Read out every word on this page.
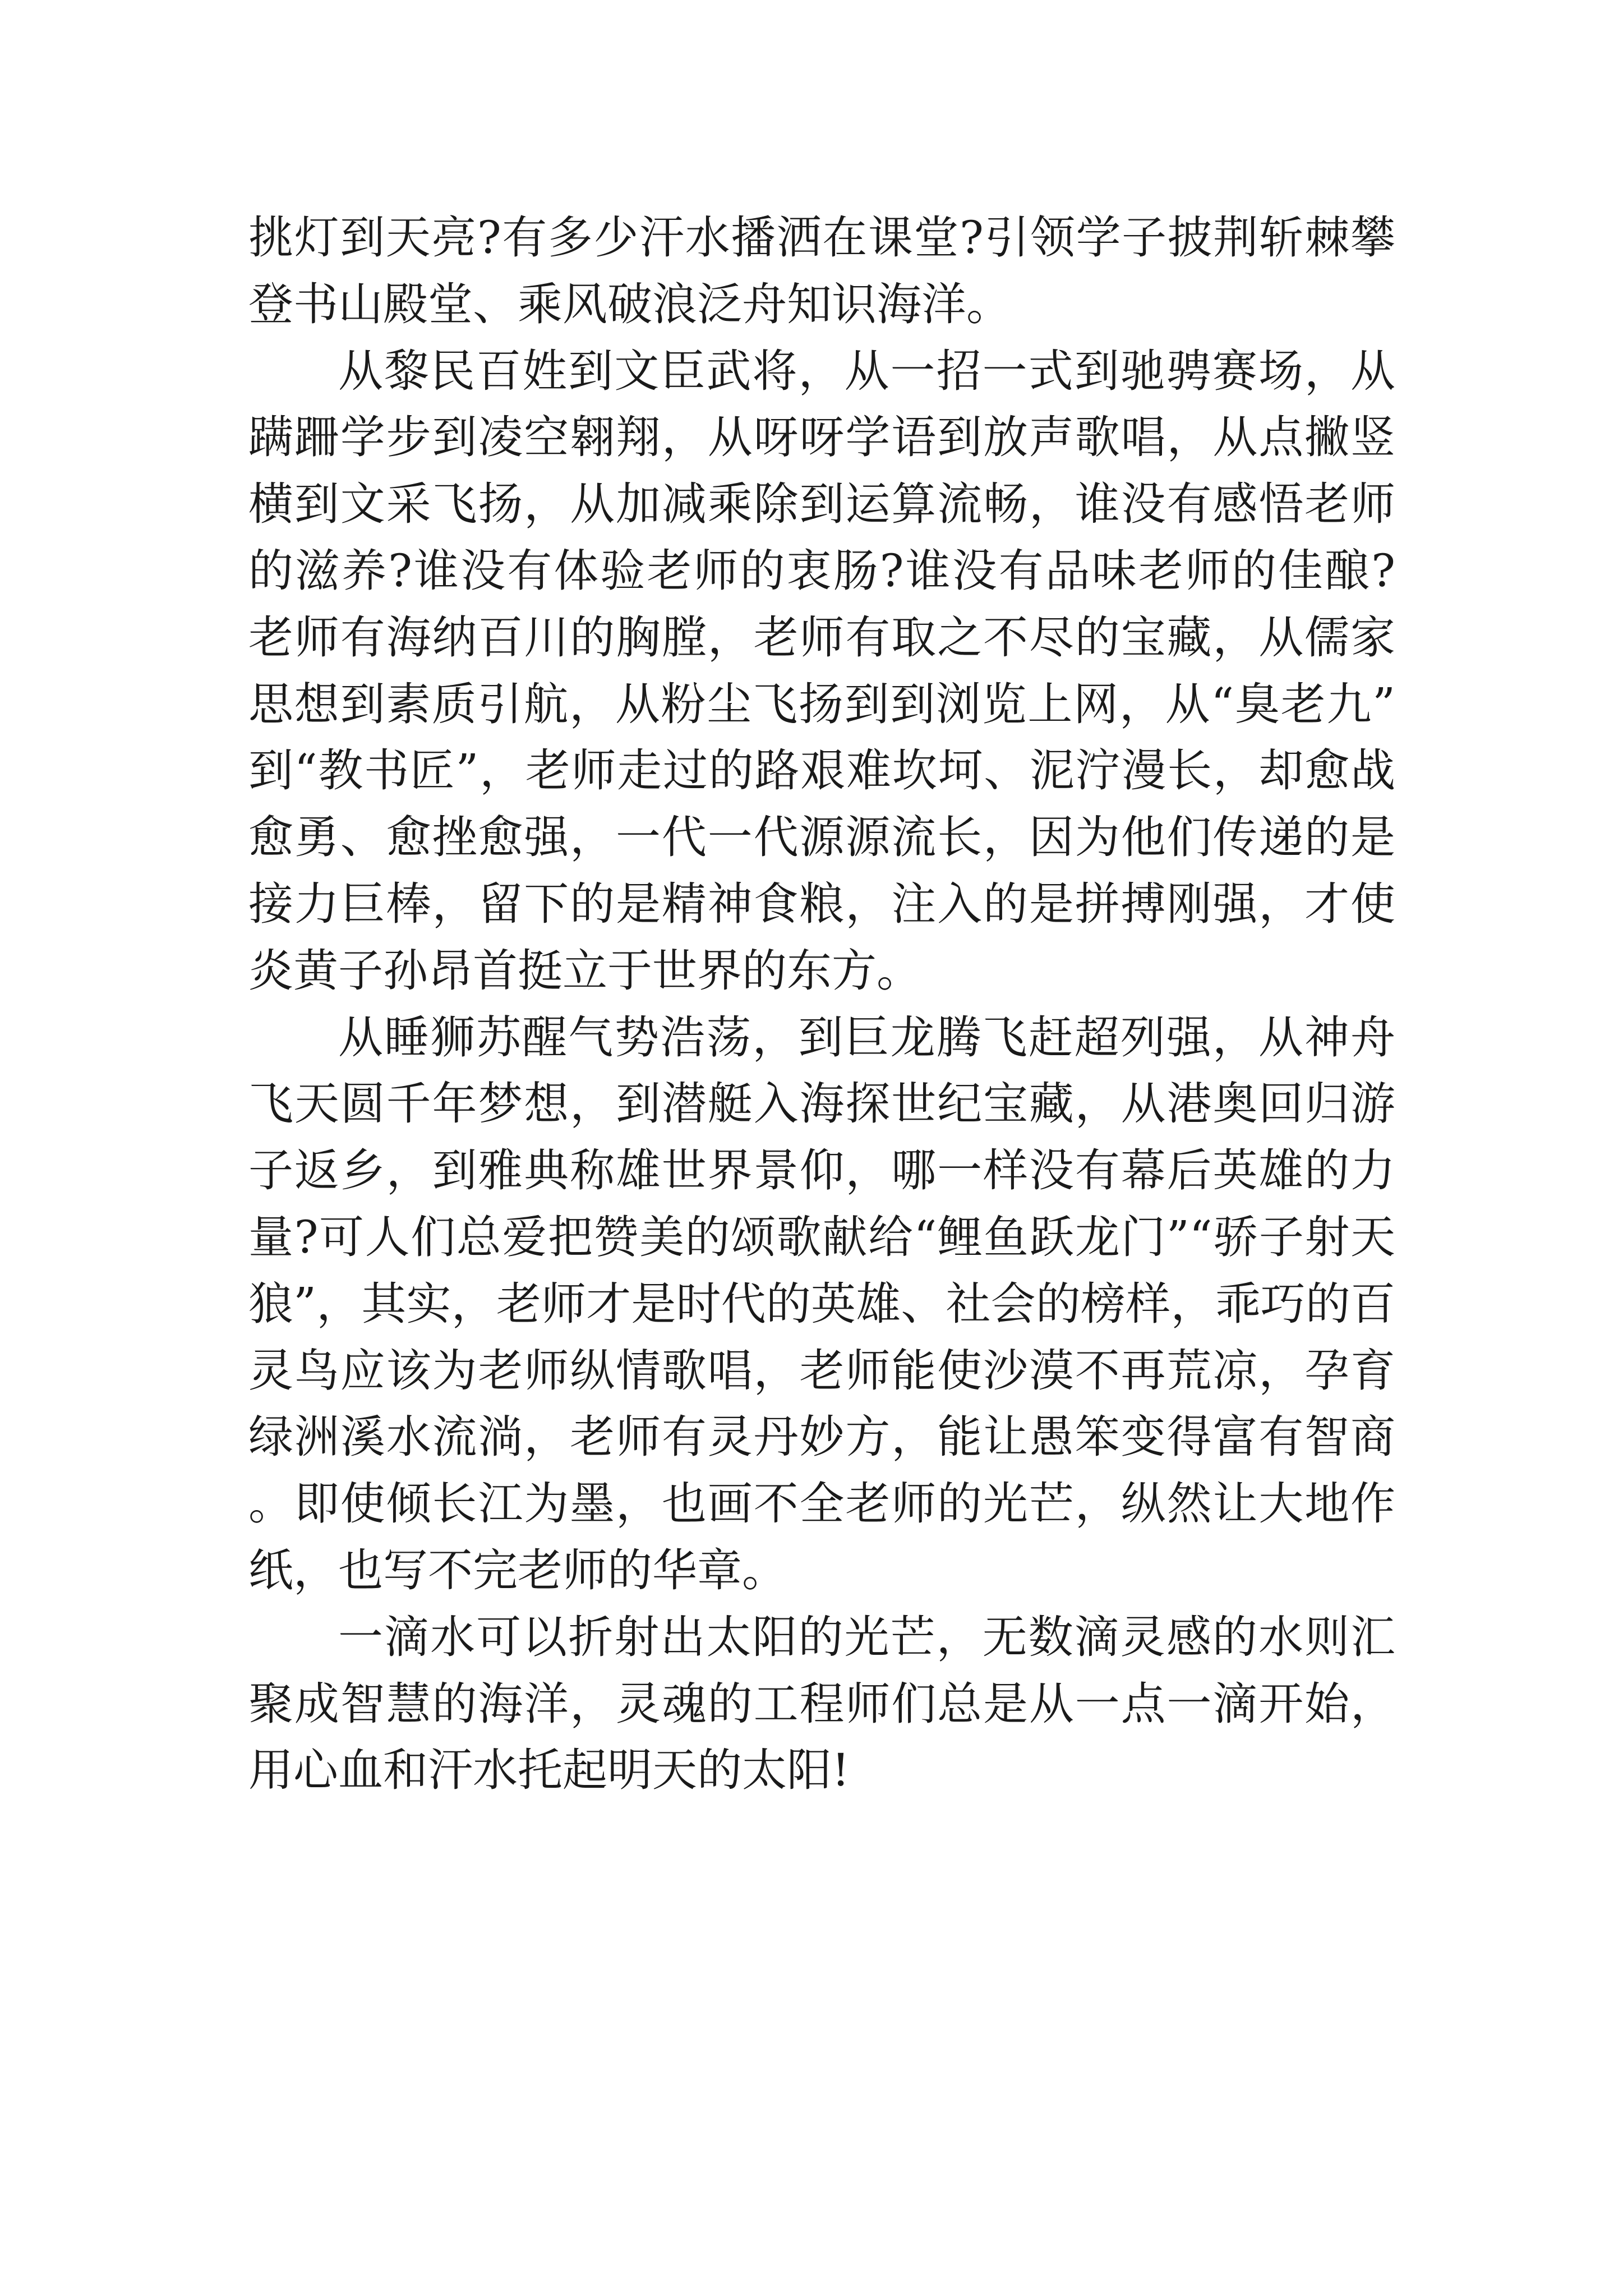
挑灯到天亮?有多少汗水播洒在课堂?引领学子披荆斩棘攀登书山殿堂、乘风破浪泛舟知识海洋。

从黎民百姓到文臣武将，从一招一式到驰骋赛场，从蹒跚学步到凌空翱翔，从呀呀学语到放声歌唱，从点撇竖横到文采飞扬，从加减乘除到运算流畅，谁没有感悟老师的滋养?谁没有体验老师的衷肠?谁没有品味老师的佳酿?老师有海纳百川的胸膛，老师有取之不尽的宝藏，从儒家思想到素质引航，从粉尘飞扬到到浏览上网，从“臭老九”到“教书匠”，老师走过的路艰难坎坷、泥泞漫长，却愈战愈勇、愈挫愈强，一代一代源源流长，因为他们传递的是接力巨棒，留下的是精神食粮，注入的是拼搏刚强，才使炎黄子孙昂首挺立于世界的东方。

从睡狮苏醒气势浩荡，到巨龙腾飞赶超列强，从神舟飞天圆千年梦想，到潜艇入海探世纪宝藏，从港奥回归游子返乡，到雅典称雄世界景仰，哪一样没有幕后英雄的力量?可人们总爱把赞美的颂歌献给“鲤鱼跃龙门”“骄子射天狼”，其实，老师才是时代的英雄、社会的榜样，乖巧的百灵鸟应该为老师纵情歌唱，老师能使沙漠不再荒凉，孕育绿洲溪水流淌，老师有灵丹妙方，能让愚笨变得富有智商。即使倾长江为墨，也画不全老师的光芒，纵然让大地作纸，也写不完老师的华章。

一滴水可以折射出太阳的光芒，无数滴灵感的水则汇聚成智慧的海洋，灵魂的工程师们总是从一点一滴开始，用心血和汗水托起明天的太阳!
